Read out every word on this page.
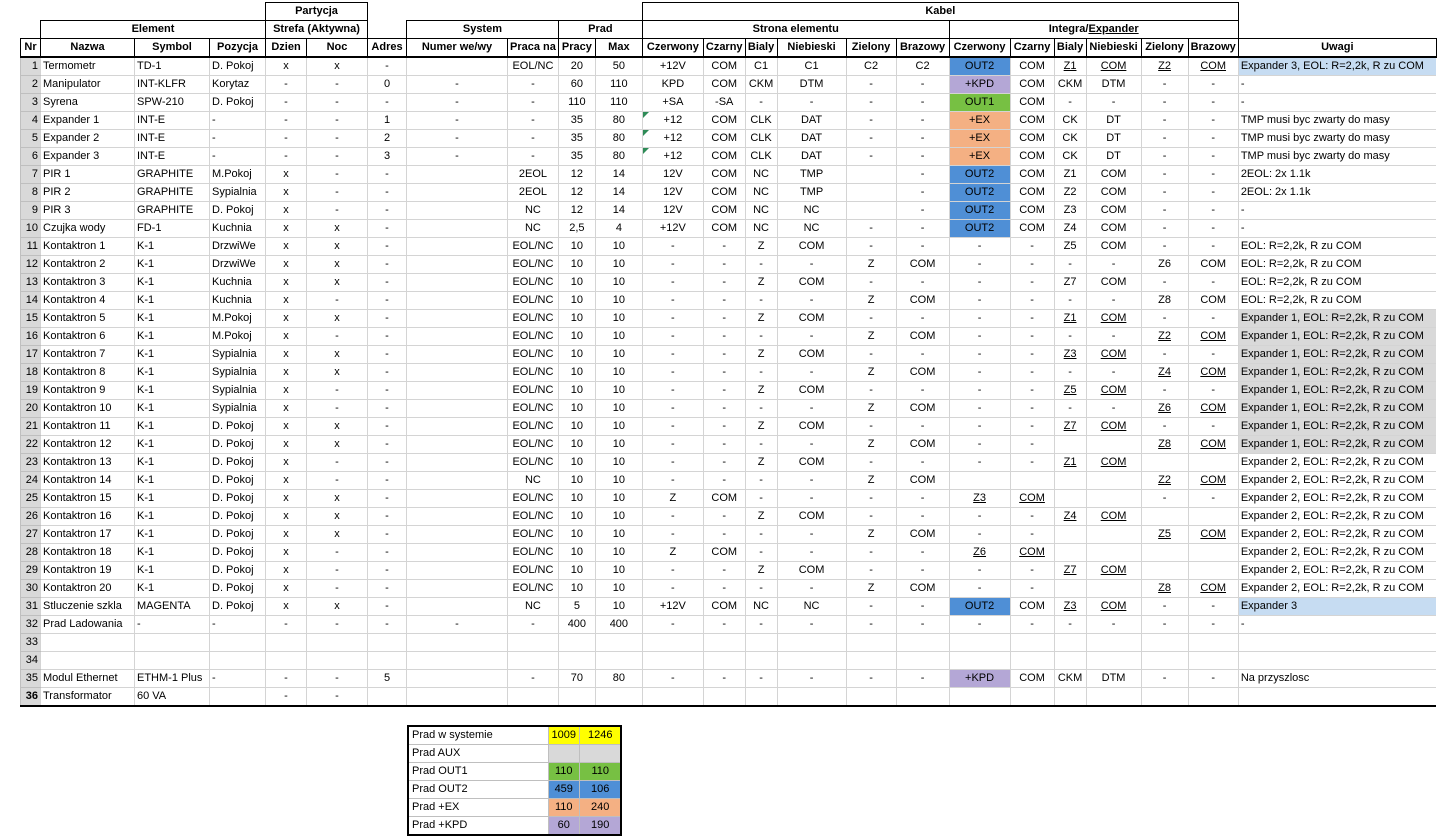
				Partycja							Kabel												
	Element			Strefa (Aktywna)			System		Prad		Strona elementu						Integra/Expander						
Nr	Nazwa	Symbol	Pozycja	Dzien	Noc	Adres	Numer we/wy	Praca na	Pracy	Max	Czerwony	Czarny	Bialy	Niebieski	Zielony	Brazowy	Czerwony	Czarny	Bialy	Niebieski	Zielony	Brazowy	Uwagi
1	Termometr	TD-1	D. Pokoj	x	x	-		EOL/NC	20	50	+12V	COM	C1	C1	C2	C2	OUT2	COM	Z1	COM	Z2	COM	Expander 3, EOL: R=2,2k, R zu COM
2	Manipulator	INT-KLFR	Korytaz	-	-	0	-	-	60	110	KPD	COM	CKM	DTM	-	-	+KPD	COM	CKM	DTM	-	-	-
3	Syrena	SPW-210	D. Pokoj	-	-	-	-	-	110	110	+SA	-SA	-	-	-	-	OUT1	COM	-	-	-	-	-
4	Expander 1	INT-E	-	-	-	1	-	-	35	80	+12	COM	CLK	DAT	-	-	+EX	COM	CK	DT	-	-	TMP musi byc zwarty do masy
5	Expander 2	INT-E	-	-	-	2	-	-	35	80	+12	COM	CLK	DAT	-	-	+EX	COM	CK	DT	-	-	TMP musi byc zwarty do masy
6	Expander 3	INT-E	-	-	-	3	-	-	35	80	+12	COM	CLK	DAT	-	-	+EX	COM	CK	DT	-	-	TMP musi byc zwarty do masy
7	PIR 1	GRAPHITE	M.Pokoj	x	-	-		2EOL	12	14	12V	COM	NC	TMP		-	OUT2	COM	Z1	COM	-	-	2EOL: 2x 1.1k
8	PIR 2	GRAPHITE	Sypialnia	x	-	-		2EOL	12	14	12V	COM	NC	TMP		-	OUT2	COM	Z2	COM	-	-	2EOL: 2x 1.1k
9	PIR 3	GRAPHITE	D. Pokoj	x	-	-		NC	12	14	12V	COM	NC	NC		-	OUT2	COM	Z3	COM	-	-	-
10	Czujka wody	FD-1	Kuchnia	x	x	-		NC	2,5	4	+12V	COM	NC	NC	-	-	OUT2	COM	Z4	COM	-	-	-
11	Kontaktron 1	K-1	DrzwiWe	x	x	-		EOL/NC	10	10	-	-	Z	COM	-	-	-	-	Z5	COM	-	-	EOL: R=2,2k, R zu COM
12	Kontaktron 2	K-1	DrzwiWe	x	x	-		EOL/NC	10	10	-	-	-	-	Z	COM	-	-	-	-	Z6	COM	EOL: R=2,2k, R zu COM
13	Kontaktron 3	K-1	Kuchnia	x	x	-		EOL/NC	10	10	-	-	Z	COM	-	-	-	-	Z7	COM	-	-	EOL: R=2,2k, R zu COM
14	Kontaktron 4	K-1	Kuchnia	x	-	-		EOL/NC	10	10	-	-	-	-	Z	COM	-	-	-	-	Z8	COM	EOL: R=2,2k, R zu COM
15	Kontaktron 5	K-1	M.Pokoj	x	x	-		EOL/NC	10	10	-	-	Z	COM	-	-	-	-	Z1	COM	-	-	Expander 1, EOL: R=2,2k, R zu COM
16	Kontaktron 6	K-1	M.Pokoj	x	-	-		EOL/NC	10	10	-	-	-	-	Z	COM	-	-	-	-	Z2	COM	Expander 1, EOL: R=2,2k, R zu COM
17	Kontaktron 7	K-1	Sypialnia	x	x	-		EOL/NC	10	10	-	-	Z	COM	-	-	-	-	Z3	COM	-	-	Expander 1, EOL: R=2,2k, R zu COM
18	Kontaktron 8	K-1	Sypialnia	x	x	-		EOL/NC	10	10	-	-	-	-	Z	COM	-	-	-	-	Z4	COM	Expander 1, EOL: R=2,2k, R zu COM
19	Kontaktron 9	K-1	Sypialnia	x	-	-		EOL/NC	10	10	-	-	Z	COM	-	-	-	-	Z5	COM	-	-	Expander 1, EOL: R=2,2k, R zu COM
20	Kontaktron 10	K-1	Sypialnia	x	-	-		EOL/NC	10	10	-	-	-	-	Z	COM	-	-	-	-	Z6	COM	Expander 1, EOL: R=2,2k, R zu COM
21	Kontaktron 11	K-1	D. Pokoj	x	x	-		EOL/NC	10	10	-	-	Z	COM	-	-	-	-	Z7	COM	-	-	Expander 1, EOL: R=2,2k, R zu COM
22	Kontaktron 12	K-1	D. Pokoj	x	x	-		EOL/NC	10	10	-	-	-	-	Z	COM	-	-			Z8	COM	Expander 1, EOL: R=2,2k, R zu COM
23	Kontaktron 13	K-1	D. Pokoj	x	-	-		EOL/NC	10	10	-	-	Z	COM	-	-	-	-	Z1	COM			Expander 2, EOL: R=2,2k, R zu COM
24	Kontaktron 14	K-1	D. Pokoj	x	-	-		NC	10	10	-	-	-	-	Z	COM					Z2	COM	Expander 2, EOL: R=2,2k, R zu COM
25	Kontaktron 15	K-1	D. Pokoj	x	x	-		EOL/NC	10	10	Z	COM	-	-	-	-	Z3	COM			-	-	Expander 2, EOL: R=2,2k, R zu COM
26	Kontaktron 16	K-1	D. Pokoj	x	x	-		EOL/NC	10	10	-	-	Z	COM	-	-	-	-	Z4	COM			Expander 2, EOL: R=2,2k, R zu COM
27	Kontaktron 17	K-1	D. Pokoj	x	x	-		EOL/NC	10	10	-	-	-	-	Z	COM	-	-			Z5	COM	Expander 2, EOL: R=2,2k, R zu COM
28	Kontaktron 18	K-1	D. Pokoj	x	-	-		EOL/NC	10	10	Z	COM	-	-	-	-	Z6	COM					Expander 2, EOL: R=2,2k, R zu COM
29	Kontaktron 19	K-1	D. Pokoj	x	-	-		EOL/NC	10	10	-	-	Z	COM	-	-	-	-	Z7	COM			Expander 2, EOL: R=2,2k, R zu COM
30	Kontaktron 20	K-1	D. Pokoj	x	-	-		EOL/NC	10	10	-	-	-	-	Z	COM	-	-			Z8	COM	Expander 2, EOL: R=2,2k, R zu COM
31	Stluczenie szkla	MAGENTA	D. Pokoj	x	x	-		NC	5	10	+12V	COM	NC	NC	-	-	OUT2	COM	Z3	COM	-	-	Expander 3
32	Prad Ladowania	-	-	-	-	-	-	-	400	400	-	-	-	-	-	-	-	-	-	-	-	-	-
33																							
34																							
35	Modul Ethernet	ETHM-1 Plus	-	-	-	5		-	70	80	-	-	-	-	-	-	+KPD	COM	CKM	DTM	-	-	Na przyszlosc
36	Transformator	60 VA		-	-																		
Prad w systemie	1009	1246
Prad AUX		
Prad OUT1	110	110
Prad OUT2	459	106
Prad +EX	110	240
Prad +KPD	60	190
